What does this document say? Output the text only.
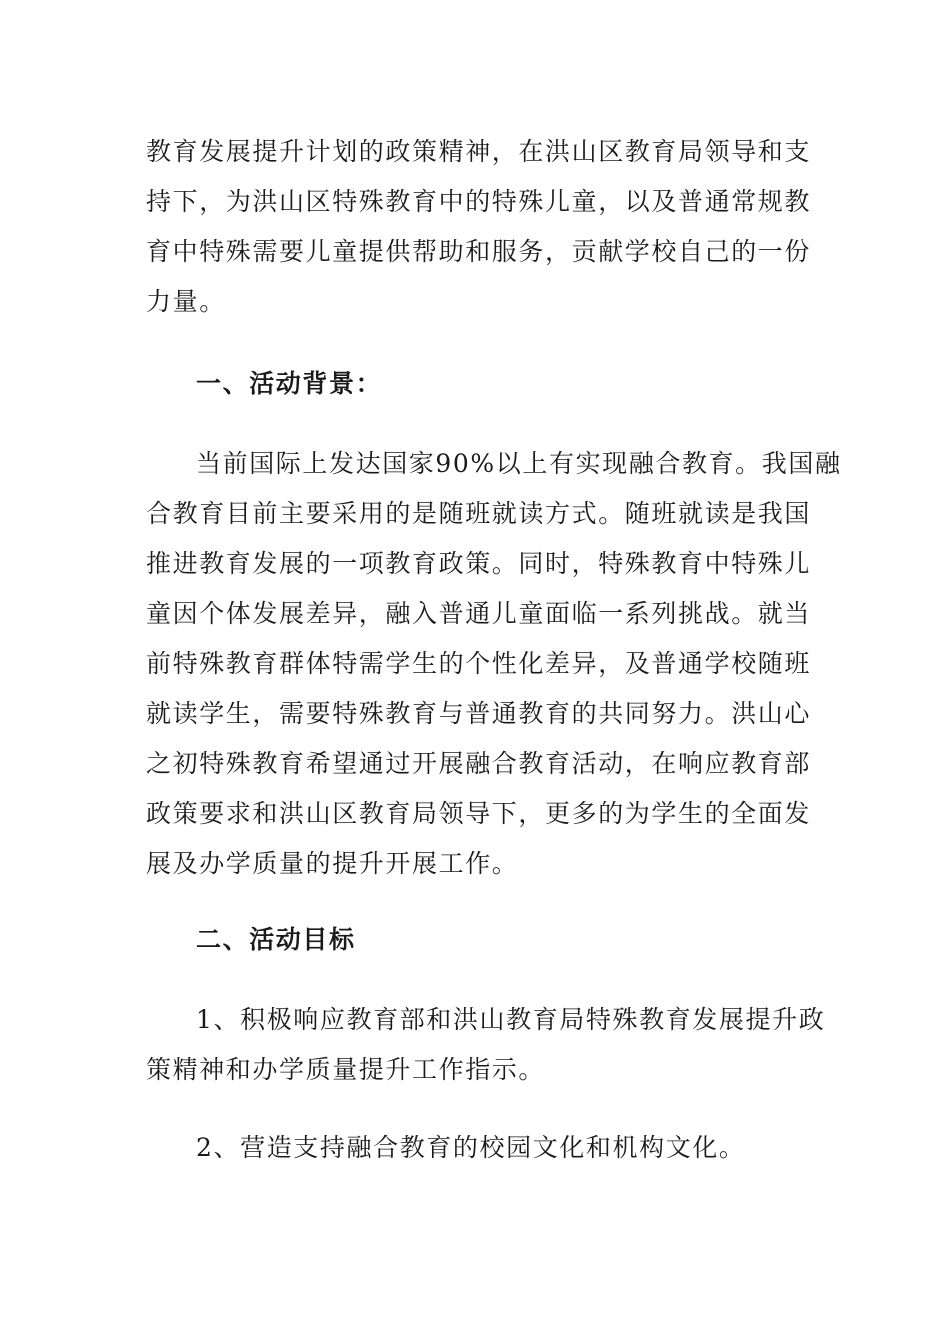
教育发展提升计划的政策精神，在洪山区教育局领导和支
持下，为洪山区特殊教育中的特殊儿童，以及普通常规教
育中特殊需要儿童提供帮助和服务，贡献学校自己的一份
力量。
一、活动背景：
当前国际上发达国家90%以上有实现融合教育。我国融
合教育目前主要采用的是随班就读方式。随班就读是我国
推进教育发展的一项教育政策。同时，特殊教育中特殊儿
童因个体发展差异，融入普通儿童面临一系列挑战。就当
前特殊教育群体特需学生的个性化差异，及普通学校随班
就读学生，需要特殊教育与普通教育的共同努力。洪山心
之初特殊教育希望通过开展融合教育活动，在响应教育部
政策要求和洪山区教育局领导下，更多的为学生的全面发
展及办学质量的提升开展工作。
二、活动目标
1、积极响应教育部和洪山教育局特殊教育发展提升政
策精神和办学质量提升工作指示。
2、营造支持融合教育的校园文化和机构文化。
